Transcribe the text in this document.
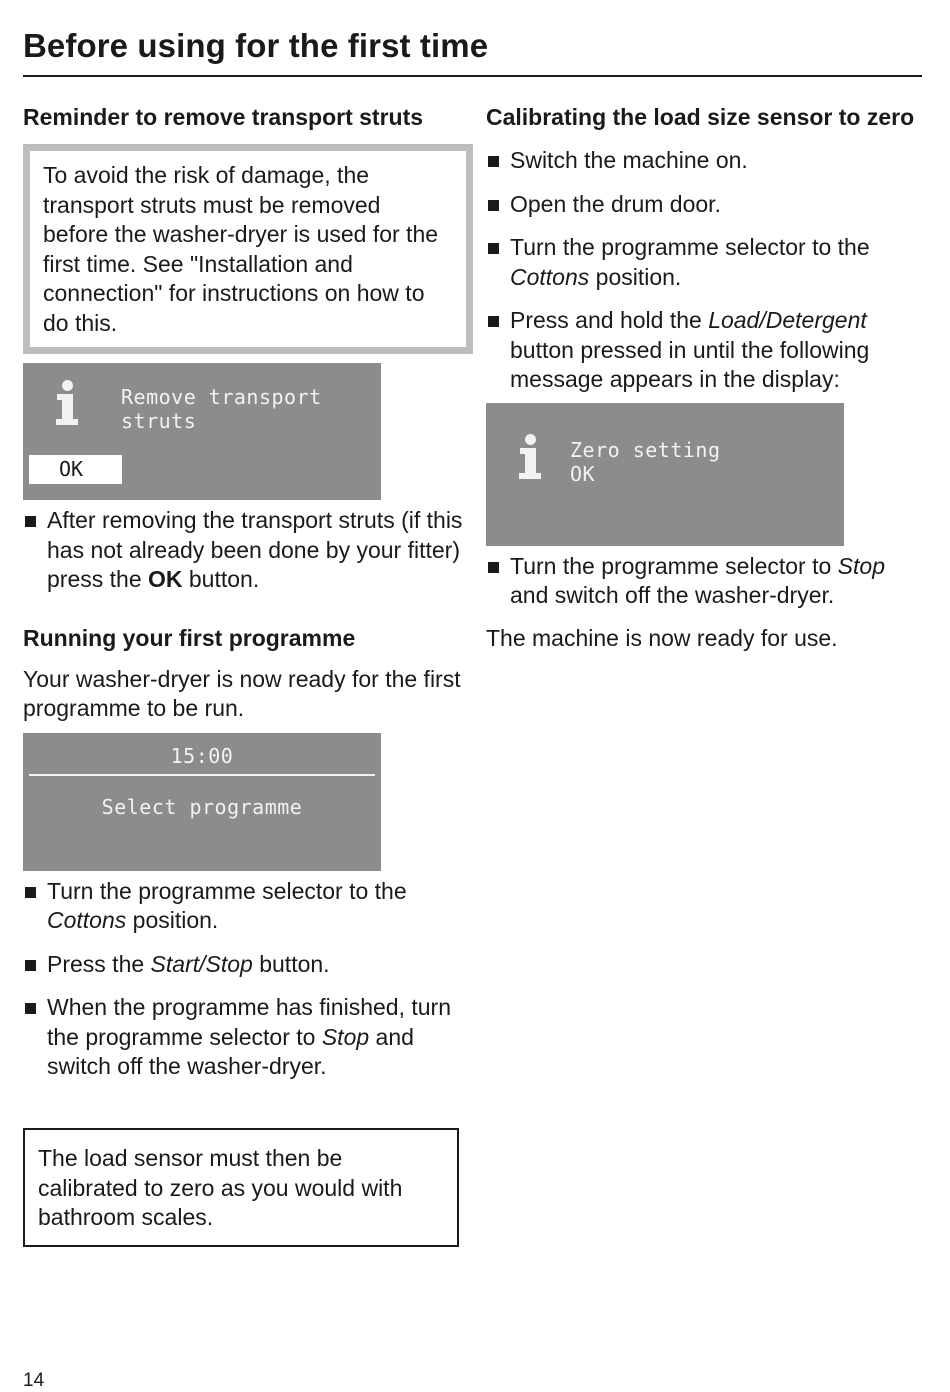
Before using for the first time
Reminder to remove transport struts
To avoid the risk of damage, the transport struts must be removed before the washer-dryer is used for the first time. See "Installation and connection" for instructions on how to do this.
Remove transport
struts
OK
After removing the transport struts (if this has not already been done by your fitter) press the OK button.
Running your first programme

Your washer-dryer is now ready for the first programme to be run.

15:00
Select programme
Turn the programme selector to the Cottons position.
Press the Start/Stop button.
When the programme has finished, turn the programme selector to Stop and switch off the washer-dryer.
The load sensor must then be calibrated to zero as you would with bathroom scales.
Calibrating the load size sensor to zero
Switch the machine on.
Open the drum door.
Turn the programme selector to the Cottons position.
Press and hold the Load/Detergent button pressed in until the following message appears in the display:
Zero setting
OK
Turn the programme selector to Stop and switch off the washer-dryer.

The machine is now ready for use.

14
